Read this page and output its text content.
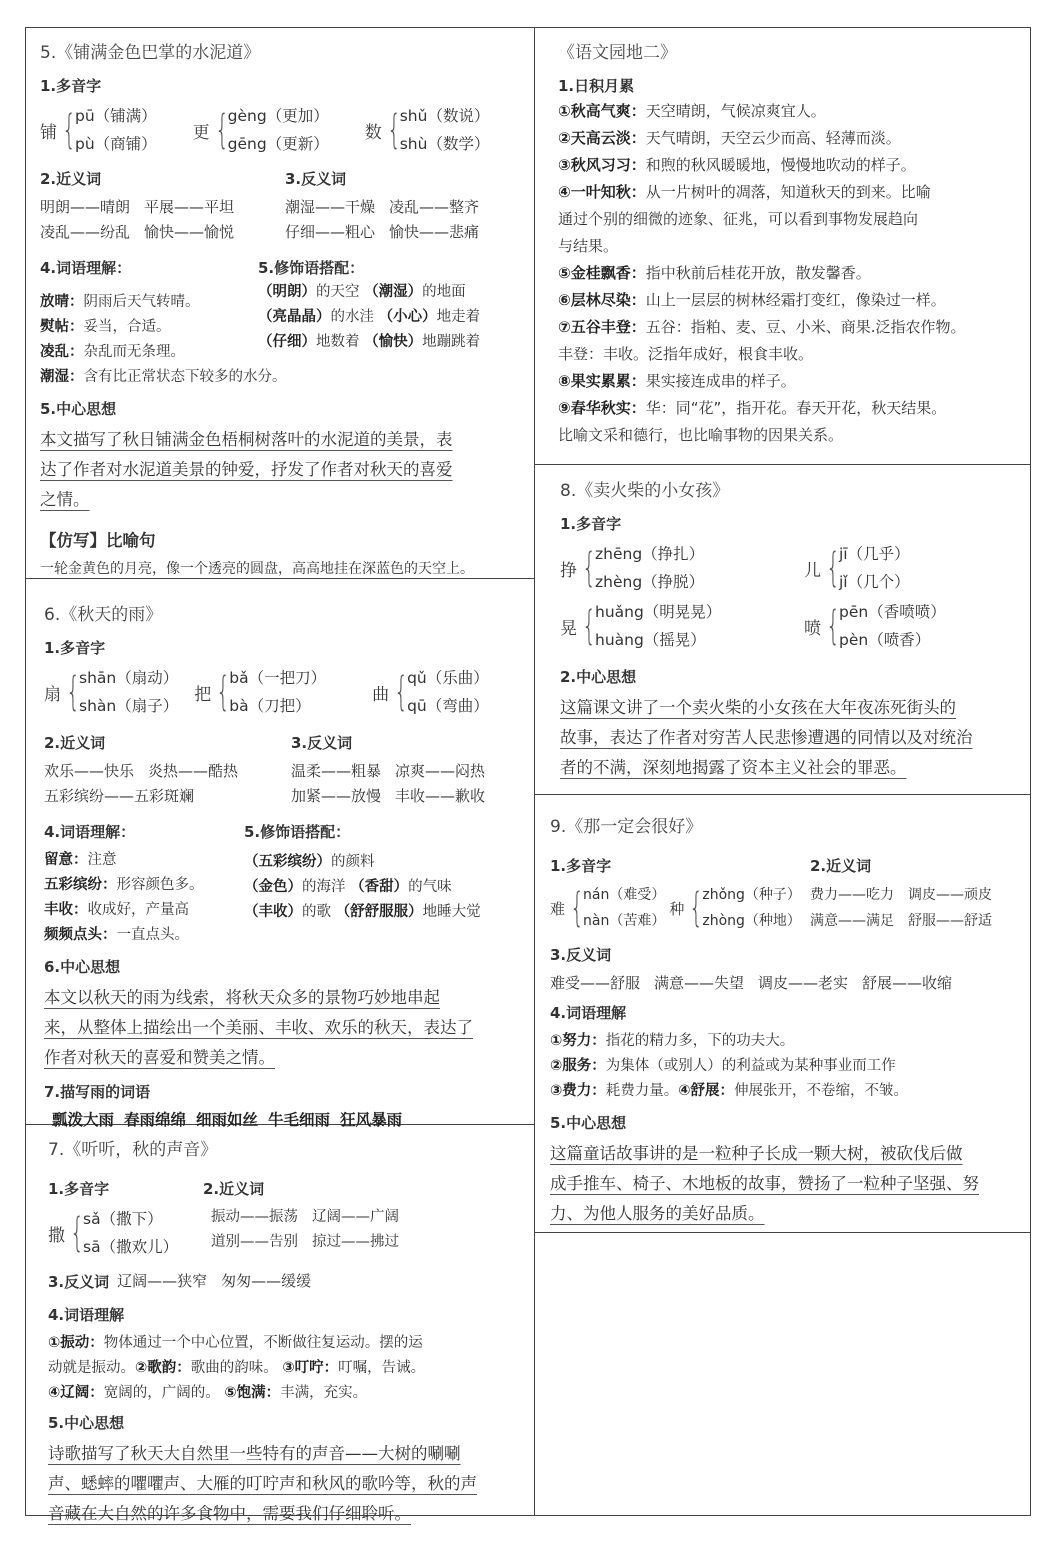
5.《铺满金色巴掌的水泥道》
1.多音字
铺 {
pū（铺满）
pù（商铺）
更 {
gèng（更加）
gēng（更新）
数 {
shǔ（数说）
shù（数学）
2.近义词
明朗——晴朗 平展——平坦
凌乱——纷乱 愉快——愉悦
3.反义词
潮湿——干燥 凌乱——整齐
仔细——粗心 愉快——悲痛
4.词语理解：
放晴：阴雨后天气转晴。
熨帖：妥当，合适。
凌乱：杂乱而无条理。
5.修饰语搭配：
（明朗）的天空 （潮湿）的地面
（亮晶晶）的水洼 （小心）地走着
（仔细）地数着 （愉快）地蹦跳着
潮湿：含有比正常状态下较多的水分。
5.中心思想
本文描写了秋日铺满金色梧桐树落叶的水泥道的美景，表
达了作者对水泥道美景的钟爱，抒发了作者对秋天的喜爱
之情。
【仿写】比喻句
一轮金黄色的月亮，像一个透亮的圆盘，高高地挂在深蓝色的天空上。
6.《秋天的雨》
1.多音字
扇 {
shān（扇动）
shàn（扇子）
把 {
bǎ（一把刀）
bà（刀把）
曲 {
qǔ（乐曲）
qū（弯曲）
2.近义词
欢乐——快乐 炎热——酷热
五彩缤纷——五彩斑斓
3.反义词
温柔——粗暴 凉爽——闷热
加紧——放慢 丰收——歉收
4.词语理解：
留意：注意
五彩缤纷：形容颜色多。
丰收：收成好，产量高
频频点头：一直点头。
5.修饰语搭配：
（五彩缤纷）的颜料
（金色）的海洋 （香甜）的气味
（丰收）的歌 （舒舒服服）地睡大觉
6.中心思想
本文以秋天的雨为线索，将秋天众多的景物巧妙地串起
来，从整体上描绘出一个美丽、丰收、欢乐的秋天，表达了
作者对秋天的喜爱和赞美之情。
7.描写雨的词语
瓢泼大雨 春雨绵绵 细雨如丝 牛毛细雨 狂风暴雨
7.《听听，秋的声音》
1.多音字
撒 {
sǎ（撒下）
sā（撒欢儿）
2.近义词
振动——振荡 辽阔——广阔
道别——告别 掠过——拂过
3.反义词 辽阔——狭窄 匆匆——缓缓
4.词语理解
①振动：物体通过一个中心位置，不断做往复运动。摆的运
动就是振动。②歌韵：歌曲的韵味。 ③叮咛：叮嘱，告诫。
④辽阔：宽阔的，广阔的。 ⑤饱满：丰满，充实。
5.中心思想
诗歌描写了秋天大自然里一些特有的声音——大树的唰唰
声、蟋蟀的㘗㘗声、大雁的叮咛声和秋风的歌吟等，秋的声
音藏在大自然的许多食物中，需要我们仔细聆听。
《语文园地二》
1.日积月累
①秋高气爽：天空晴朗，气候凉爽宜人。
②天高云淡：天气晴朗，天空云少而高、轻薄而淡。
③秋风习习：和煦的秋风暖暖地，慢慢地吹动的样子。
④一叶知秋：从一片树叶的凋落，知道秋天的到来。比喻
通过个别的细微的迹象、征兆，可以看到事物发展趋向
与结果。
⑤金桂飘香：指中秋前后桂花开放，散发馨香。
⑥层林尽染：山上一层层的树林经霜打变红，像染过一样。
⑦五谷丰登：五谷：指粕、麦、豆、小米、商果.泛指农作物。
丰登：丰收。泛指年成好，根食丰收。
⑧果实累累：果实接连成串的样子。
⑨春华秋实：华：同“花”，指开花。春天开花，秋天结果。
比喻文采和德行，也比喻事物的因果关系。
8.《卖火柴的小女孩》
1.多音字
挣 {
zhēng（挣扎）
zhèng（挣脱）
儿 {
jī（几乎）
jǐ（几个）
晃 {
huǎng（明晃晃）
huàng（摇晃）
喷 {
pēn（香喷喷）
pèn（喷香）
2.中心思想
这篇课文讲了一个卖火柴的小女孩在大年夜冻死街头的
故事，表达了作者对穷苦人民悲惨遭遇的同情以及对统治
者的不满，深刻地揭露了资本主义社会的罪恶。
9.《那一定会很好》
1.多音字
难 {
nán（难受）
nàn（苦难）
种 {
zhǒng（种子）
zhòng（种地）
2.近义词
费力——吃力 调皮——顽皮
满意——满足 舒服——舒适
3.反义词
难受——舒服 满意——失望 调皮——老实 舒展——收缩
4.词语理解
①努力：指花的精力多，下的功夫大。
②服务：为集体（或别人）的利益或为某种事业而工作
③费力：耗费力量。④舒展：伸展张开，不卷缩，不皱。
5.中心思想
这篇童话故事讲的是一粒种子长成一颗大树，被砍伐后做
成手推车、椅子、木地板的故事，赞扬了一粒种子坚强、努
力、为他人服务的美好品质。
